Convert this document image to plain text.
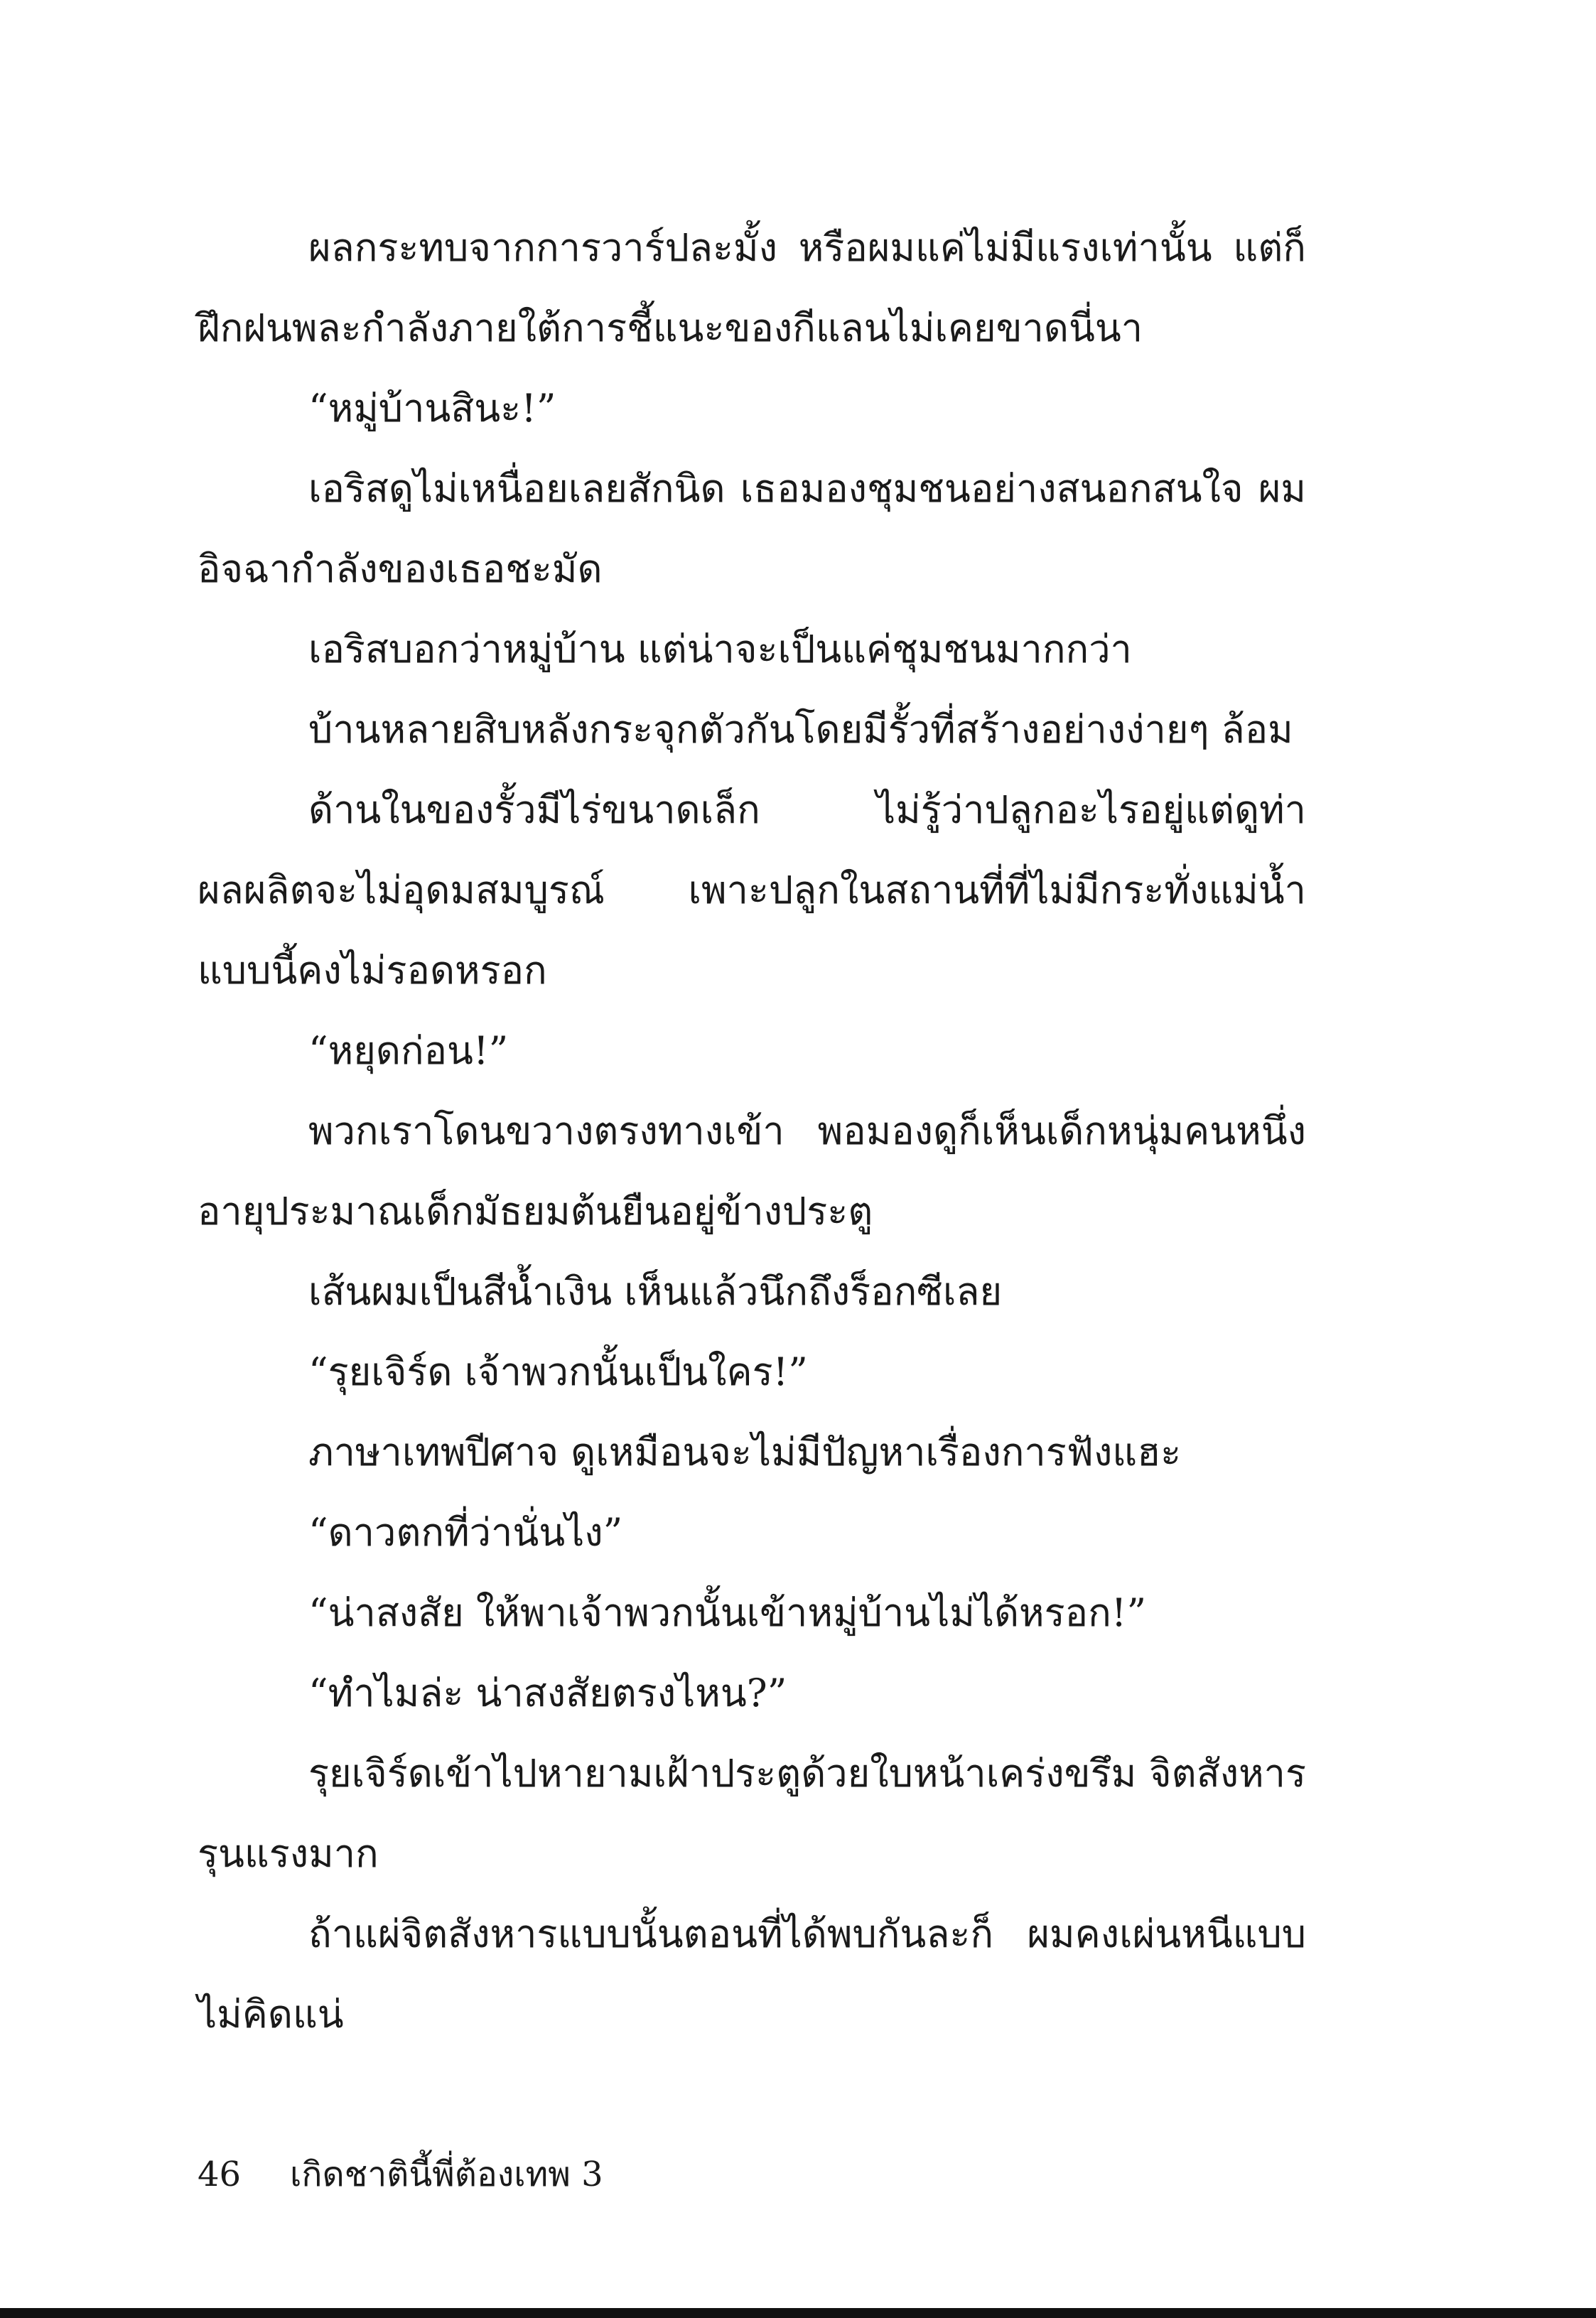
ผลกระทบจากการวาร์ปละมั้ง หรือผมแค่ไม่มีแรงเท่านั้น แต่ก็ฝึกฝนพละกำลังภายใต้การชี้แนะของกีแลนไม่เคยขาดนี่นา

“หมู่บ้านสินะ!”

เอริสดูไม่เหนื่อยเลยสักนิด เธอมองชุมชนอย่างสนอกสนใจ ผมอิจฉากำลังของเธอชะมัด

เอริสบอกว่าหมู่บ้าน แต่น่าจะเป็นแค่ชุมชนมากกว่า

บ้านหลายสิบหลังกระจุกตัวกันโดยมีรั้วที่สร้างอย่างง่ายๆ ล้อม

ด้านในของรั้วมีไร่ขนาดเล็ก ไม่รู้ว่าปลูกอะไรอยู่แต่ดูท่าผลผลิตจะไม่อุดมสมบูรณ์ เพาะปลูกในสถานที่ที่ไม่มีกระทั่งแม่น้ำแบบนี้คงไม่รอดหรอก

“หยุดก่อน!”

พวกเราโดนขวางตรงทางเข้า พอมองดูก็เห็นเด็กหนุ่มคนหนึ่ง อายุประมาณเด็กมัธยมต้นยืนอยู่ข้างประตู

เส้นผมเป็นสีน้ำเงิน เห็นแล้วนึกถึงร็อกซีเลย

“รุยเจิร์ด เจ้าพวกนั้นเป็นใคร!”

ภาษาเทพปีศาจ ดูเหมือนจะไม่มีปัญหาเรื่องการฟังแฮะ

“ดาวตกที่ว่านั่นไง”

“น่าสงสัย ให้พาเจ้าพวกนั้นเข้าหมู่บ้านไม่ได้หรอก!”

“ทำไมล่ะ น่าสงสัยตรงไหน?”

รุยเจิร์ดเข้าไปหายามเฝ้าประตูด้วยใบหน้าเคร่งขรึม จิตสังหารรุนแรงมาก

ถ้าแผ่จิตสังหารแบบนั้นตอนที่ได้พบกันละก็ ผมคงเผ่นหนีแบบไม่คิดแน่

46 เกิดชาตินี้พี่ต้องเทพ 3
